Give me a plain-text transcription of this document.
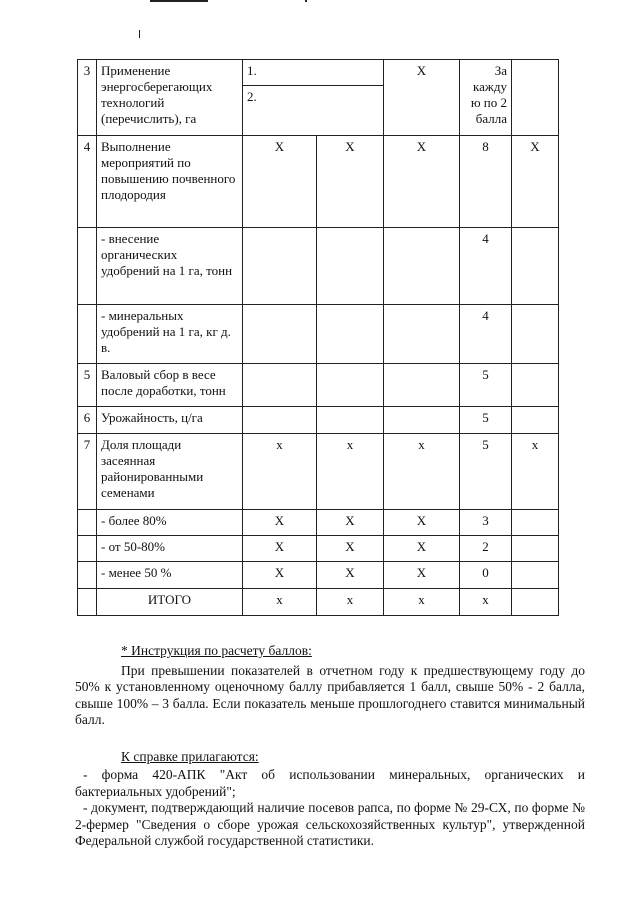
3	Применение энергосберегающих технологий (перечислить), га	1.		Х	За кажду ю по 2 балла	
		2.				
4	Выполнение мероприятий по повышению почвенного плодородия	Х	Х	Х	8	Х
	- внесение органических удобрений на 1 га, тонн				4	
	- минеральных удобрений на 1 га, кг д. в.				4	
5	Валовый сбор в весе после доработки, тонн				5	
6	Урожайность, ц/га				5	
7	Доля площади засеянная районированными семенами	х	х	х	5	х
	- более 80%	Х	Х	Х	3	
	- от 50-80%	Х	Х	Х	2	
	- менее 50 %	Х	Х	Х	0	
	ИТОГО	х	х	х	х	

* Инструкция по расчету баллов:

При превышении показателей в отчетном году к предшествующему году до 50% к установленному оценочному баллу прибавляется 1 балл, свыше 50% - 2 балла, свыше 100% – 3 балла. Если показатель меньше прошлогоднего ставится минимальный балл.

К справке прилагаются:

- форма 420-АПК "Акт об использовании минеральных, органических и бактериальных удобрений";

- документ, подтверждающий наличие посевов рапса, по форме № 29-СХ, по форме № 2-фермер "Сведения о сборе урожая сельскохозяйственных культур", утвержденной Федеральной службой государственной статистики.
